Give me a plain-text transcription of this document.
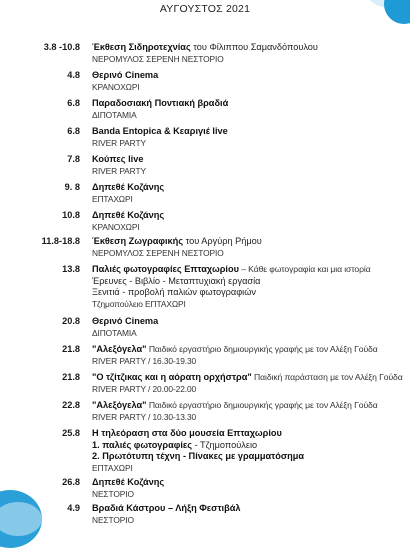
ΑΥΓΟΥΣΤΟΣ 2021
3.8 -10.8 Έκθεση Σιδηροτεχνίας του Φίλιππου Σαμανδόπουλου
ΝΕΡΟΜΥΛΟΣ ΣΕΡΕΝΗ ΝΕΣΤΟΡΙΟ
4.8 Θερινό Cinema
ΚΡΑΝΟΧΩΡΙ
6.8 Παραδοσιακή Ποντιακή βραδιά
ΔΙΠΟΤΑΜΙΑ
6.8 Banda Entopica & Κεαριγιέ live
RIVER PARTY
7.8 Κούπες live
RIVER PARTY
9. 8 Δηπεθέ Κοζάνης
ΕΠΤΑΧΩΡΙ
10.8 Δηπεθέ Κοζάνης
ΚΡΑΝΟΧΩΡΙ
11.8-18.8 Έκθεση Ζωγραφικής του Αργύρη Ρήμου
ΝΕΡΟΜΥΛΟΣ ΣΕΡΕΝΗ ΝΕΣΤΟΡΙΟ
13.8 Παλιές φωτογραφίες Επταχωρίου – Κάθε φωτογραφία και μια ιστορία
Έρευνες - Βιβλίο - Μεταπτυχιακή εργασία
Ξενιτιά - προβολή παλιών φωτογραφιών
Τζημοπούλειο ΕΠΤΑΧΩΡΙ
20.8 Θερινό Cinema
ΔΙΠΟΤΑΜΙΑ
21.8 "Αλεξόγελα" Παιδικό εργαστήριο δημιουργικής γραφής με τον Αλέξη Γούδα
RIVER PARTY / 16.30-19.30
21.8 "Ο τζίτζικας και η αόρατη ορχήστρα" Παιδική παράσταση με τον Αλέξη Γούδα
RIVER PARTY / 20.00-22.00
22.8 "Αλεξόγελα" Παιδικό εργαστήριο δημιουργικής γραφής με τον Αλέξη Γούδα
RIVER PARTY / 10.30-13.30
25.8 Η τηλεόραση στα δύο μουσεία Επταχωρίου
1. παλιές φωτογραφίες - Τζημοπούλειο
2. Πρωτότυπη τέχνη - Πίνακες με γραμματόσημα
ΕΠΤΑΧΩΡΙ
26.8 Δηπεθέ Κοζάνης
ΝΕΣΤΟΡΙΟ
4.9 Βραδιά Κάστρου – Λήξη Φεστιβάλ
ΝΕΣΤΟΡΙΟ
